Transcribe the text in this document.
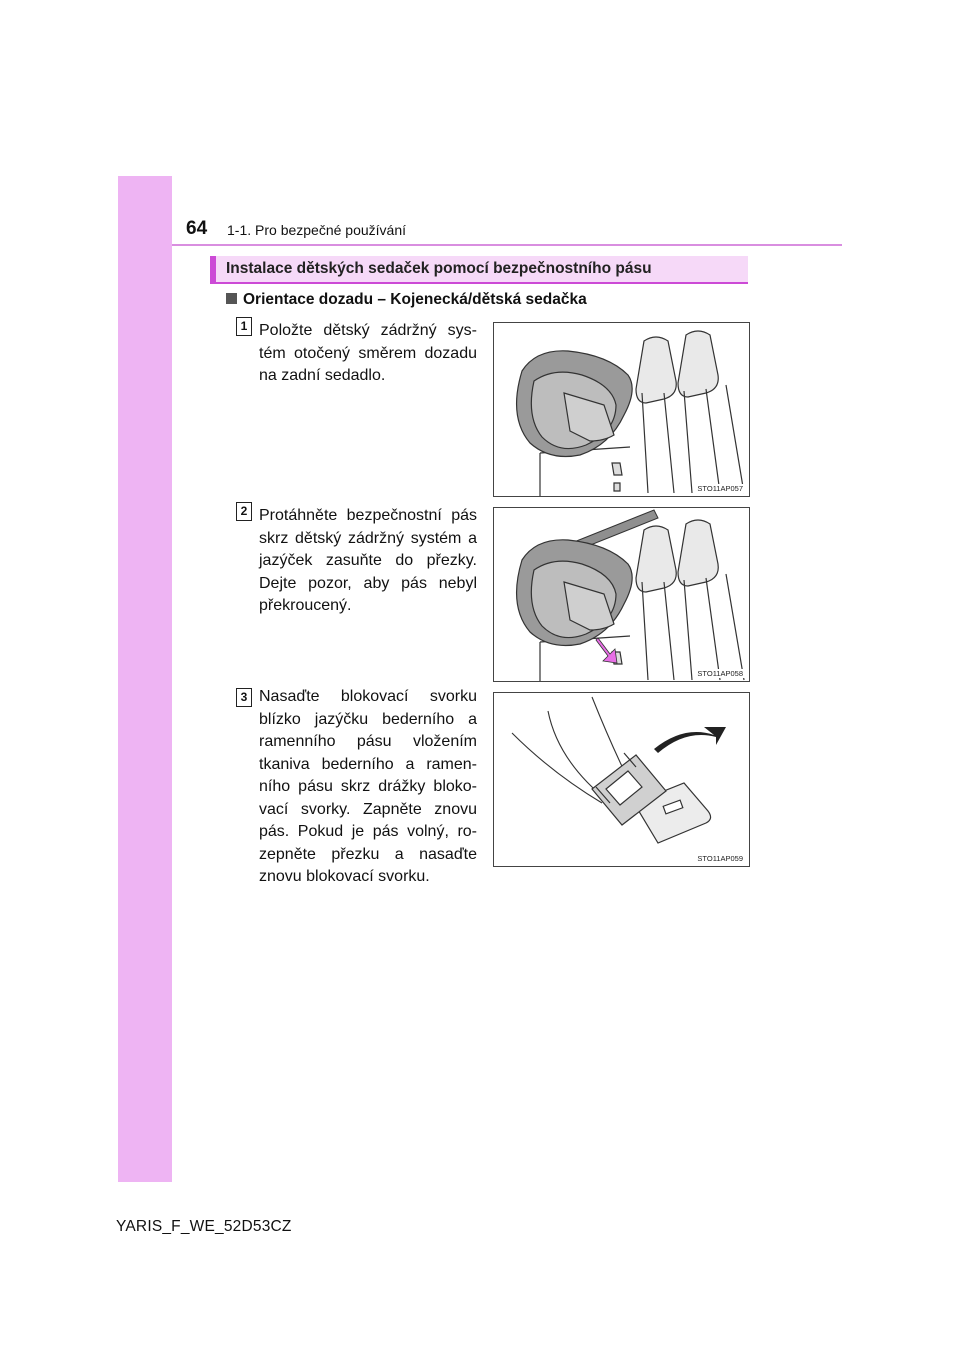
64 1-1. Pro bezpečné používání
Instalace dětských sedaček pomocí bezpečnostního pásu
Orientace dozadu – Kojenecká/dětská sedačka
1 Položte dětský zádržný sys-tém otočený směrem dozadu na zadní sedadlo.
STO11AP057
2 Protáhněte bezpečnostní pás skrz dětský zádržný systém a jazýček zasuňte do přezky. Dejte pozor, aby pás nebyl překroucený.
STO11AP058
3 Nasaďte blokovací svorku blízko jazýčku bederního a ramenního pásu vložením tkaniva bederního a ramen-ního pásu skrz drážky bloko-vací svorky. Zapněte znovu pás. Pokud je pás volný, ro-zepněte přezku a nasaďte znovu blokovací svorku.
STO11AP059
YARIS_F_WE_52D53CZ
